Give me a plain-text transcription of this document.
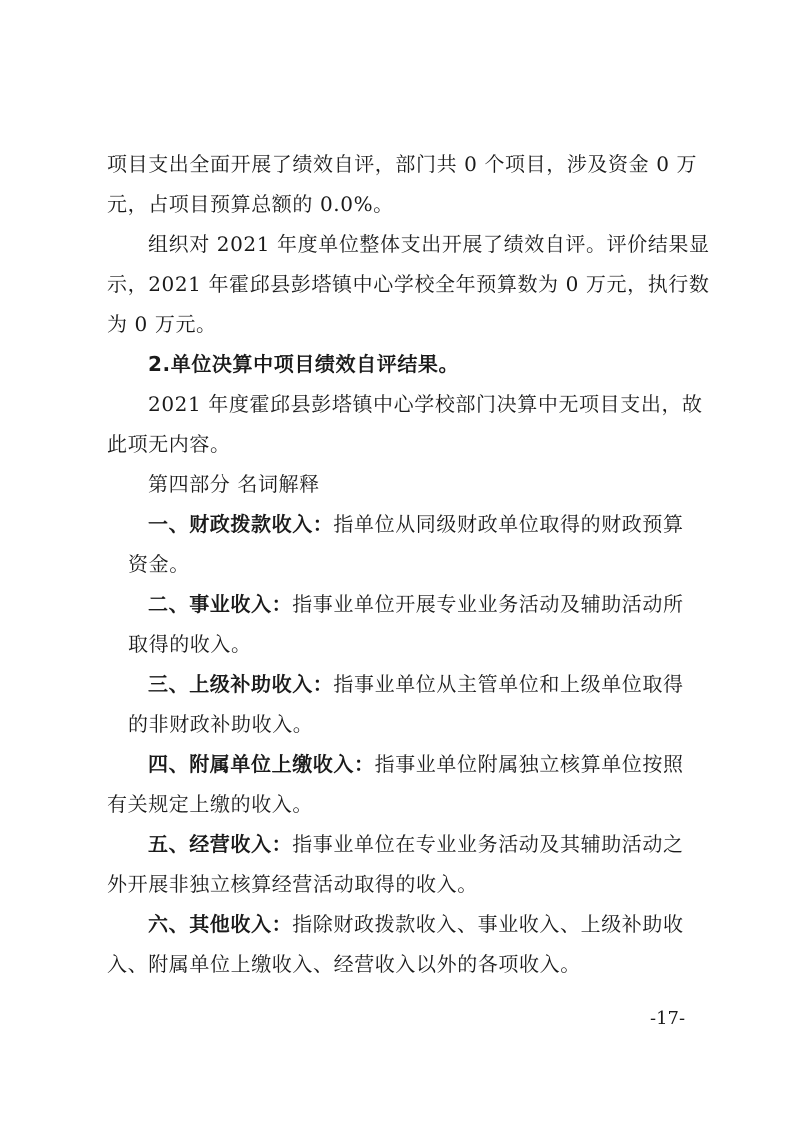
项目支出全面开展了绩效自评，部门共 0 个项目，涉及资金 0 万
元，占项目预算总额的 0.0%。
组织对 2021 年度单位整体支出开展了绩效自评。评价结果显
示，2021 年霍邱县彭塔镇中心学校全年预算数为 0 万元，执行数
为 0 万元。
2.单位决算中项目绩效自评结果。
2021 年度霍邱县彭塔镇中心学校部门决算中无项目支出，故
此项无内容。
第四部分 名词解释
一、财政拨款收入：指单位从同级财政单位取得的财政预算
资金。
二、事业收入：指事业单位开展专业业务活动及辅助活动所
取得的收入。
三、上级补助收入：指事业单位从主管单位和上级单位取得
的非财政补助收入。
四、附属单位上缴收入：指事业单位附属独立核算单位按照
有关规定上缴的收入。
五、经营收入：指事业单位在专业业务活动及其辅助活动之
外开展非独立核算经营活动取得的收入。
六、其他收入：指除财政拨款收入、事业收入、上级补助收
入、附属单位上缴收入、经营收入以外的各项收入。
-17-
